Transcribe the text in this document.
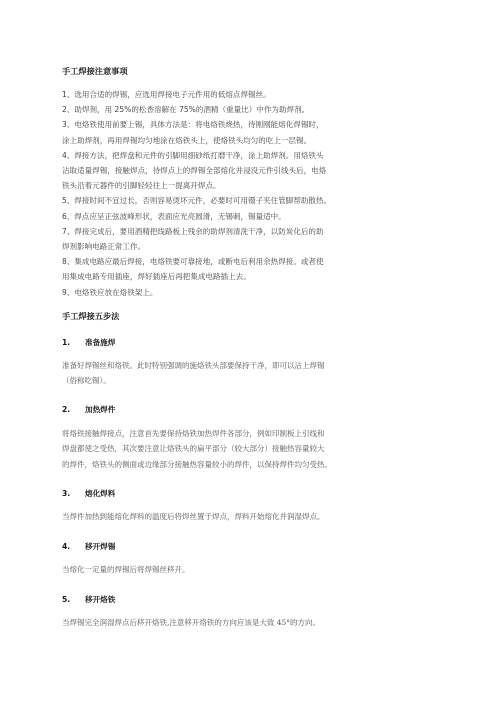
手工焊接注意事项
1、选用合适的焊锡，应选用焊接电子元件用的低熔点焊锡丝。
2、助焊剂，用 25%的松香溶解在 75%的酒精（重量比）中作为助焊剂。
3、电烙铁使用前要上锡，具体方法是：将电烙铁烧热，待刚刚能熔化焊锡时，
涂上助焊剂，再用焊锡均匀地涂在烙铁头上，使烙铁头均匀的吃上一层锡。
4、焊接方法，把焊盘和元件的引脚用细砂纸打磨干净，涂上助焊剂。用烙铁头
沾取适量焊锡，接触焊点，待焊点上的焊锡全部熔化并浸没元件引线头后，电烙
铁头沿着元器件的引脚轻轻往上一提离开焊点。
5、焊接时间不宜过长，否则容易烫坏元件，必要时可用镊子夹住管脚帮助散热。
6、焊点应呈正弦波峰形状，表面应光亮圆滑，无锡刺，锡量适中。
7、焊接完成后，要用酒精把线路板上残余的助焊剂清洗干净，以防炭化后的助
焊剂影响电路正常工作。
8、集成电路应最后焊接，电烙铁要可靠接地，或断电后利用余热焊接。或者使
用集成电路专用插座，焊好插座后再把集成电路插上去。
9、电烙铁应放在烙铁架上。
手工焊接五步法
1. 准备施焊
准备好焊锡丝和烙铁。此时特别强调的施烙铁头部要保持干净，即可以沾上焊锡
（俗称吃锡）。
2. 加热焊件
将烙铁接触焊接点，注意首先要保持烙铁加热焊件各部分，例如印制板上引线和
焊盘都使之受热，其次要注意让烙铁头的扁平部分（较大部分）接触热容量较大
的焊件，烙铁头的侧面或边缘部分接触热容量较小的焊件，以保持焊件均匀受热。
3. 熔化焊料
当焊件加热到能熔化焊料的温度后将焊丝置于焊点，焊料开始熔化并润湿焊点。
4. 移开焊锡
当熔化一定量的焊锡后将焊锡丝移开。
5. 移开烙铁
当焊锡完全润湿焊点后移开烙铁,注意移开烙铁的方向应该是大致 45°的方向。
